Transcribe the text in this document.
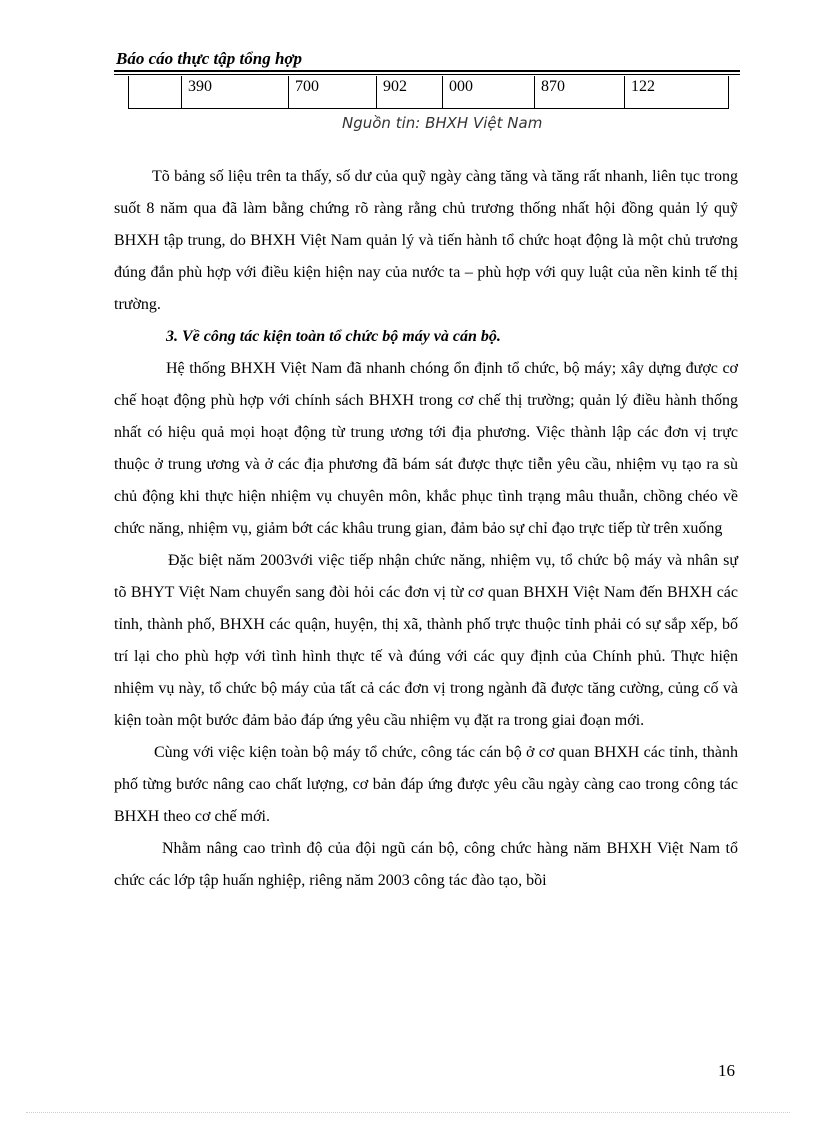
Báo cáo thực tập tổng hợp
	390	700	902	000	870	122
Nguồn tin: BHXH Việt Nam

Tõ bảng số liệu trên ta thấy, số dư của quỹ ngày càng tăng và tăng rất nhanh, liên tục trong suốt 8 năm qua đã làm bằng chứng rõ ràng rằng chủ trương thống nhất hội đồng quản lý quỹ BHXH tập trung, do BHXH Việt Nam quản lý và tiến hành tổ chức hoạt động là một chủ trương đúng đắn phù hợp với điều kiện hiện nay của nước ta – phù hợp với quy luật của nền kinh tế thị trường.

3. Về công tác kiện toàn tổ chức bộ máy và cán bộ.

Hệ thống BHXH Việt Nam đã nhanh chóng ổn định tổ chức, bộ máy; xây dựng được cơ chế hoạt động phù hợp với chính sách BHXH trong cơ chế thị trường; quản lý điều hành thống nhất có hiệu quả mọi hoạt động từ trung ương tới địa phương. Việc thành lập các đơn vị trực thuộc ở trung ương và ở các địa phương đã bám sát được thực tiễn yêu cầu, nhiệm vụ tạo ra sù chủ động khi thực hiện nhiệm vụ chuyên môn, khắc phục tình trạng mâu thuẫn, chồng chéo về chức năng, nhiệm vụ, giảm bớt các khâu trung gian, đảm bảo sự chỉ đạo trực tiếp từ trên xuống

Đặc biệt năm 2003với việc tiếp nhận chức năng, nhiệm vụ, tổ chức bộ máy và nhân sự tõ BHYT Việt Nam chuyển sang đòi hỏi các đơn vị từ cơ quan BHXH Việt Nam đến BHXH các tỉnh, thành phố, BHXH các quận, huyện, thị xã, thành phố trực thuộc tỉnh phải có sự sắp xếp, bố trí lại cho phù hợp với tình hình thực tế và đúng với các quy định của Chính phủ. Thực hiện nhiệm vụ này, tổ chức bộ máy của tất cả các đơn vị trong ngành đã được tăng cường, củng cố và kiện toàn một bước đảm bảo đáp ứng yêu cầu nhiệm vụ đặt ra trong giai đoạn mới.

Cùng với việc kiện toàn bộ máy tổ chức, công tác cán bộ ở cơ quan BHXH các tỉnh, thành phố từng bước nâng cao chất lượng, cơ bản đáp ứng được yêu cầu ngày càng cao trong công tác BHXH theo cơ chế mới.

Nhằm nâng cao trình độ của đội ngũ cán bộ, công chức hàng năm BHXH Việt Nam tổ chức các lớp tập huấn nghiệp, riêng năm 2003 công tác đào tạo, bồi

16
